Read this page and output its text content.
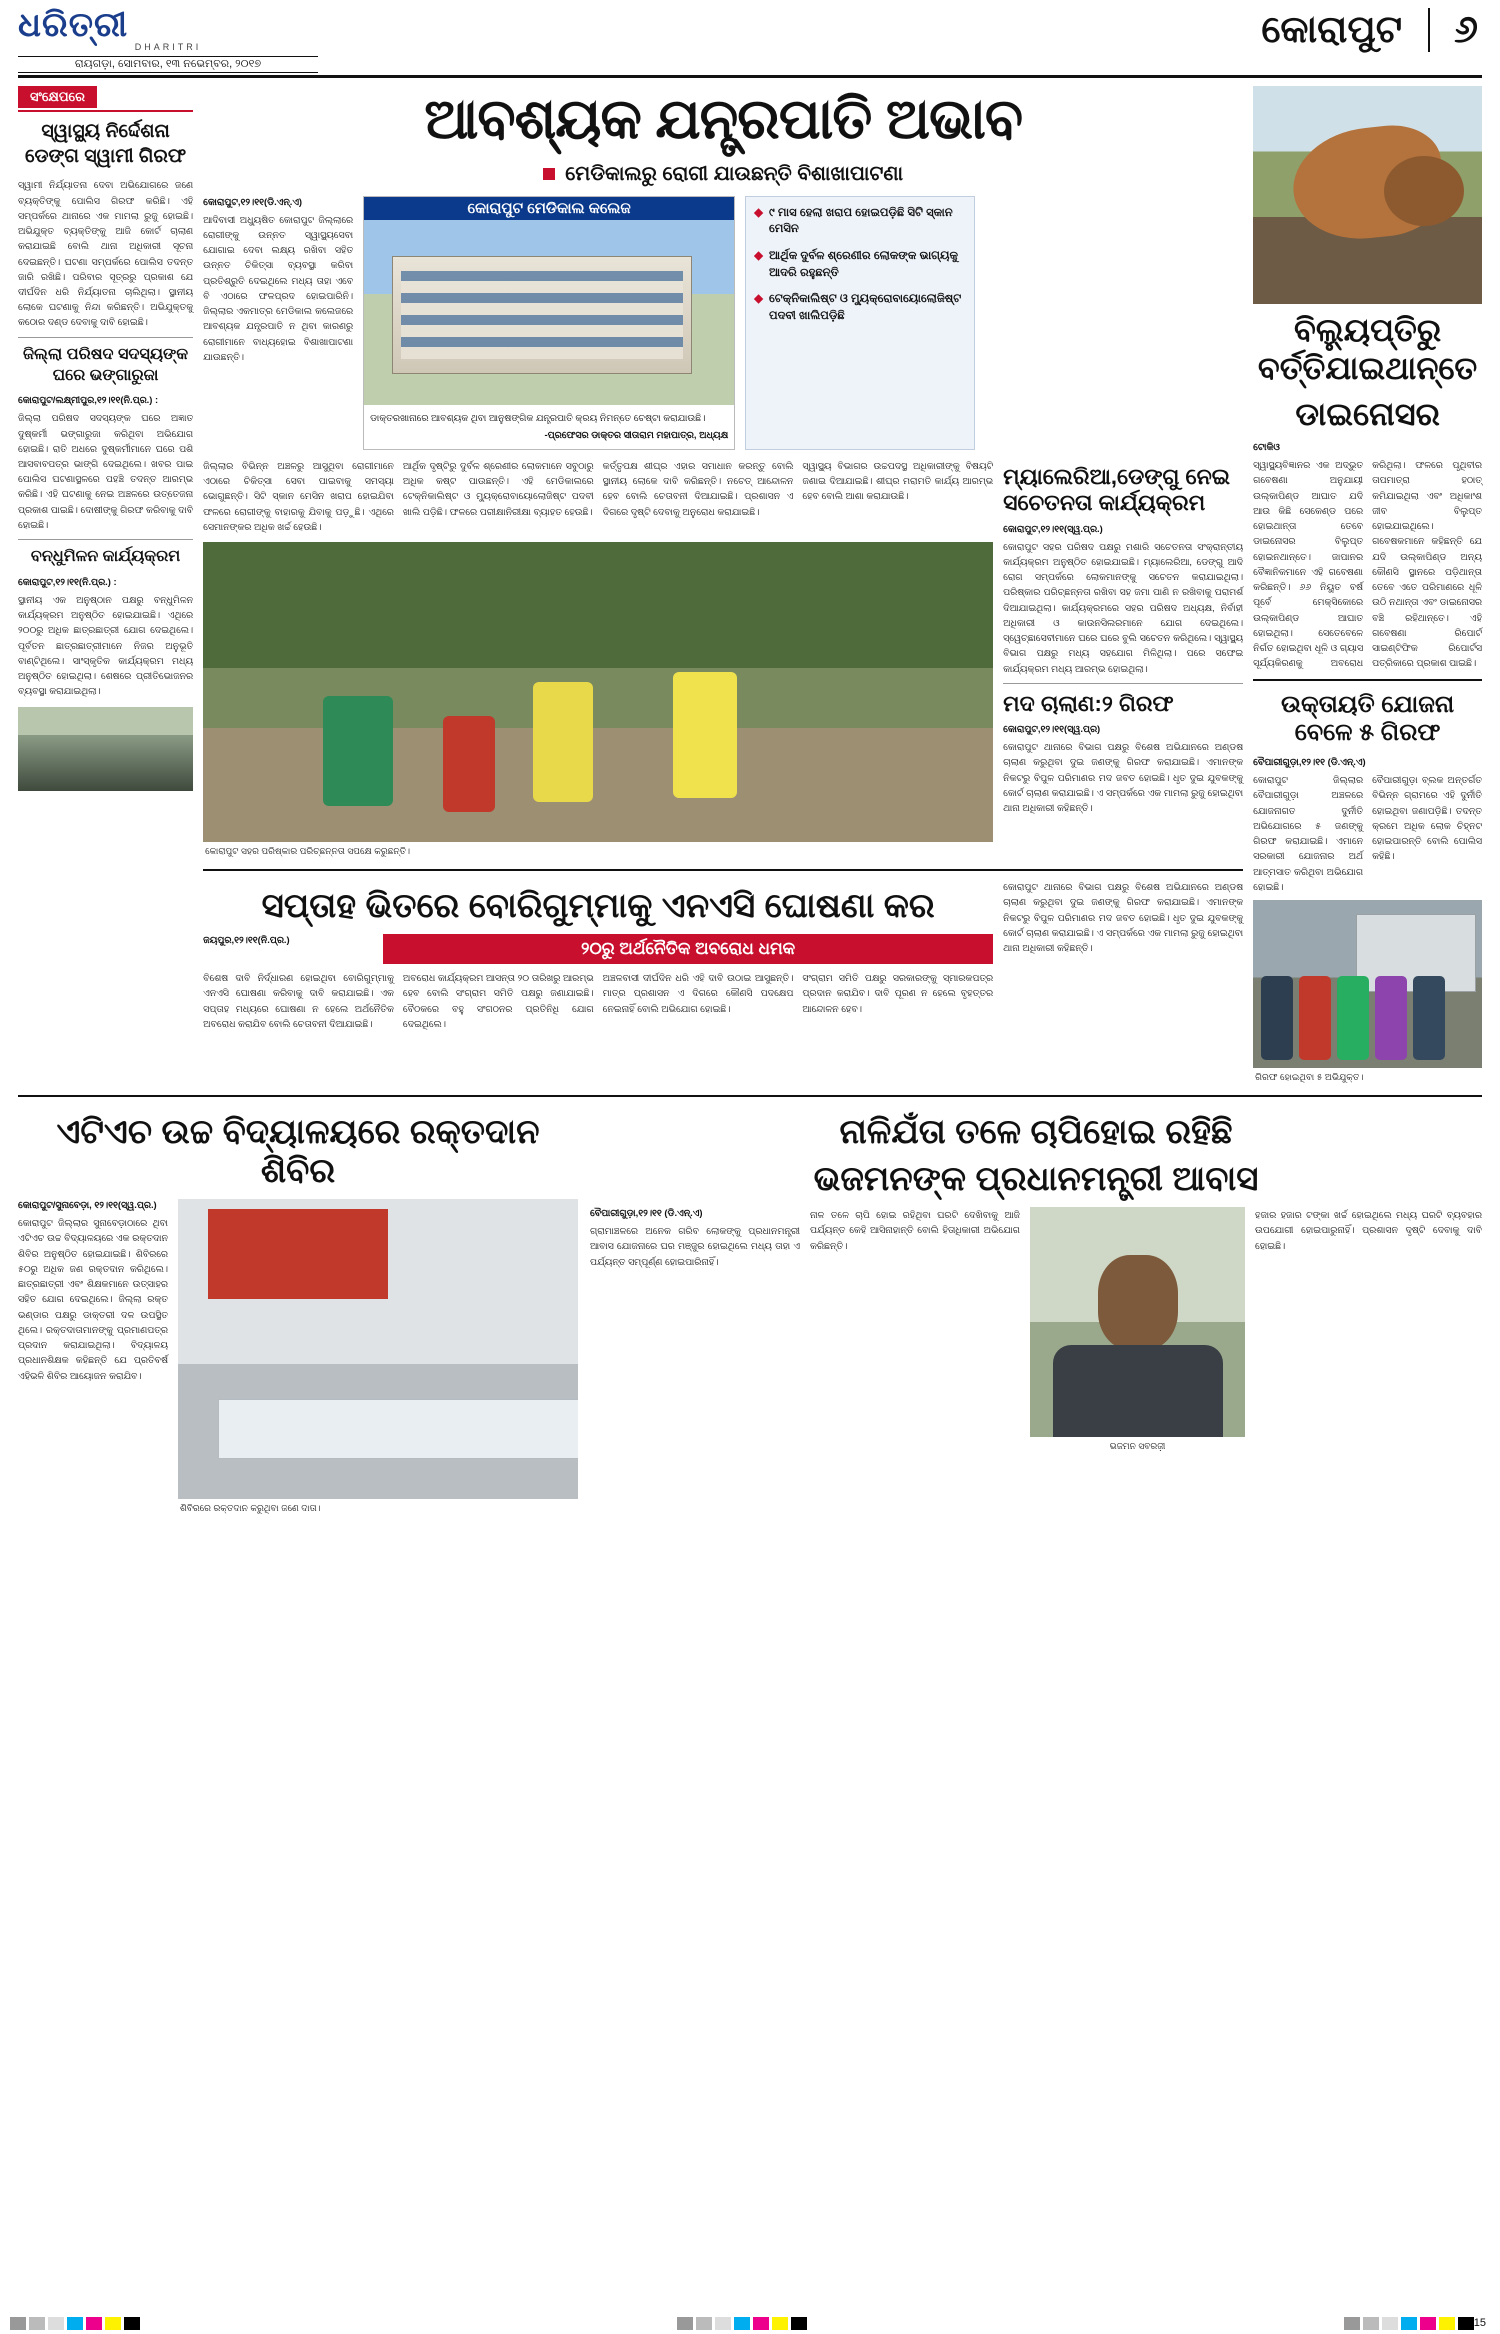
ଧରିତ୍ରୀ
DHARITRI
ରାୟଗଡ଼ା, ସୋମବାର, ୧୩ ନଭେମ୍ବର, ୨୦୧୭
କୋରାପୁଟ	୬
ସଂକ୍ଷେପରେ
ସ୍ୱାସ୍ଥ୍ୟ ନିର୍ଦ୍ଦେଶନା ଡେଙ୍ଗ ସ୍ୱାମୀ ଗିରଫ
ସ୍ୱାମୀ ନିର୍ଯ୍ୟାତନା ଦେବା ଅଭିଯୋଗରେ ଜଣେ ବ୍ୟକ୍ତିଙ୍କୁ ପୋଲିସ ଗିରଫ କରିଛି। ଏହି ସମ୍ପର୍କରେ ଥାନାରେ ଏକ ମାମଲା ରୁଜୁ ହୋଇଛି। ଅଭିଯୁକ୍ତ ବ୍ୟକ୍ତିଙ୍କୁ ଆଜି କୋର୍ଟ ଚାଲାଣ କରାଯାଇଛି ବୋଲି ଥାନା ଅଧିକାରୀ ସୂଚନା ଦେଇଛନ୍ତି। ଘଟଣା ସମ୍ପର୍କରେ ପୋଲିସ ତଦନ୍ତ ଜାରି ରଖିଛି। ପରିବାର ସୂତ୍ରରୁ ପ୍ରକାଶ ଯେ ଦୀର୍ଘଦିନ ଧରି ନିର୍ଯ୍ୟାତନା ଚାଲିଥିଲା। ସ୍ଥାନୀୟ ଲୋକେ ଘଟଣାକୁ ନିନ୍ଦା କରିଛନ୍ତି। ଅଭିଯୁକ୍ତକୁ କଠୋର ଦଣ୍ଡ ଦେବାକୁ ଦାବି ହୋଇଛି।
ଜିଲ୍ଲା ପରିଷଦ ସଦସ୍ୟଙ୍କ ଘରେ ଭଙ୍ଗାରୁଜା
କୋରାପୁଟ/ଲକ୍ଷ୍ମୀପୁର,୧୨।୧୧(ନି.ପ୍ର.) :
ଜିଲ୍ଲା ପରିଷଦ ସଦସ୍ୟଙ୍କ ଘରେ ଅଜ୍ଞାତ ଦୁଷ୍କର୍ମୀ ଭଙ୍ଗାରୁଜା କରିଥିବା ଅଭିଯୋଗ ହୋଇଛି। ରାତି ଅଧରେ ଦୁଷ୍କର୍ମୀମାନେ ଘରେ ପଶି ଆସବାବପତ୍ର ଭାଙ୍ଗି ଦେଇଥିଲେ। ଖବର ପାଇ ପୋଲିସ ଘଟଣାସ୍ଥଳରେ ପହଞ୍ଚି ତଦନ୍ତ ଆରମ୍ଭ କରିଛି। ଏହି ଘଟଣାକୁ ନେଇ ଅଞ୍ଚଳରେ ଉତ୍ତେଜନା ପ୍ରକାଶ ପାଇଛି। ଦୋଷୀଙ୍କୁ ଗିରଫ କରିବାକୁ ଦାବି ହୋଇଛି।
ବନ୍ଧୁମିଳନ କାର୍ଯ୍ୟକ୍ରମ
କୋରାପୁଟ,୧୨।୧୧(ନି.ପ୍ର.) :
ସ୍ଥାନୀୟ ଏକ ଅନୁଷ୍ଠାନ ପକ୍ଷରୁ ବନ୍ଧୁମିଳନ କାର୍ଯ୍ୟକ୍ରମ ଅନୁଷ୍ଠିତ ହୋଇଯାଇଛି। ଏଥିରେ ୨୦୦ରୁ ଅଧିକ ଛାତ୍ରଛାତ୍ରୀ ଯୋଗ ଦେଇଥିଲେ। ପୂର୍ବତନ ଛାତ୍ରଛାତ୍ରୀମାନେ ନିଜର ଅନୁଭୂତି ବାଣ୍ଟିଥିଲେ। ସାଂସ୍କୃତିକ କାର୍ଯ୍ୟକ୍ରମ ମଧ୍ୟ ଅନୁଷ୍ଠିତ ହୋଇଥିଲା। ଶେଷରେ ପ୍ରୀତିଭୋଜନର ବ୍ୟବସ୍ଥା କରାଯାଇଥିଲା।
ଆବଶ୍ୟକ ଯନ୍ତ୍ରପାତି ଅଭାବ
ମେଡିକାଲରୁ ରୋଗୀ ଯାଉଛନ୍ତି ବିଶାଖାପାଟଣା
କୋରାପୁଟ,୧୨।୧୧(ଡି.ଏନ୍.ଏ)
ଆଦିବାସୀ ଅଧ୍ୟୁଷିତ କୋରାପୁଟ ଜିଲ୍ଲାରେ ରୋଗୀଙ୍କୁ ଉନ୍ନତ ସ୍ୱାସ୍ଥ୍ୟସେବା ଯୋଗାଇ ଦେବା ଲକ୍ଷ୍ୟ ରଖିବା ସହିତ ଉନ୍ନତ ଚିକିତ୍ସା ବ୍ୟବସ୍ଥା କରିବା ପ୍ରତିଶ୍ରୁତି ଦେଇଥିଲେ ମଧ୍ୟ ତାହା ଏବେ ବି ଏଠାରେ ଫଳପ୍ରଦ ହୋଇପାରିନି। ଜିଲ୍ଲାର ଏକମାତ୍ର ମେଡିକାଲ କଲେଜରେ ଆବଶ୍ୟକ ଯନ୍ତ୍ରପାତି ନ ଥିବା କାରଣରୁ ରୋଗୀମାନେ ବାଧ୍ୟହୋଇ ବିଶାଖାପାଟଣା ଯାଉଛନ୍ତି।
କୋରାପୁଟ ମେଡିକାଲ କଲେଜ
ଡାକ୍ତରଖାନାରେ ଆବଶ୍ୟକ ଥିବା ଆନୁଷଙ୍ଗିକ ଯନ୍ତ୍ରପାତି କ୍ରୟ ନିମନ୍ତେ ଚେଷ୍ଟା କରାଯାଉଛି।
-ପ୍ରଫେସର ଡାକ୍ତର ସୀତାରାମ ମହାପାତ୍ର, ଅଧ୍ୟକ୍ଷ
◆ ୯ ମାସ ହେଲା ଖରାପ ହୋଇପଡ଼ିଛି ସିଟି ସ୍କାନ ମେସିନ
◆ ଆର୍ଥିକ ଦୁର୍ବଳ ଶ୍ରେଣୀର ଲୋକଙ୍କ ଭାଗ୍ୟକୁ ଆଦରି ରହୁଛନ୍ତି
◆ ଟେକ୍ନିକାଲିଷ୍ଟ ଓ ମ୍ୟୁକ୍ରୋବାୟୋଲୋଜିଷ୍ଟ ପଦବୀ ଖାଲିପଡ଼ିଛି
ଜିଲ୍ଲାର ବିଭିନ୍ନ ଅଞ୍ଚଳରୁ ଆସୁଥିବା ରୋଗୀମାନେ ଏଠାରେ ଚିକିତ୍ସା ସେବା ପାଇବାକୁ ସମସ୍ୟା ଭୋଗୁଛନ୍ତି। ସିଟି ସ୍କାନ ମେସିନ ଖରାପ ହୋଇଯିବା ଫଳରେ ରୋଗୀଙ୍କୁ ବାହାରକୁ ଯିବାକୁ ପଡ଼ୁଛି। ଏଥିରେ ସେମାନଙ୍କର ଅଧିକ ଖର୍ଚ୍ଚ ହେଉଛି।
ଆର୍ଥିକ ଦୃଷ୍ଟିରୁ ଦୁର୍ବଳ ଶ୍ରେଣୀର ଲୋକମାନେ ସବୁଠାରୁ ଅଧିକ କଷ୍ଟ ପାଉଛନ୍ତି। ଏହି ମେଡିକାଲରେ ଟେକ୍ନିକାଲିଷ୍ଟ ଓ ମ୍ୟୁକ୍ରୋବାୟୋଲୋଜିଷ୍ଟ ପଦବୀ ଖାଲି ପଡ଼ିଛି। ଫଳରେ ପରୀକ୍ଷାନିରୀକ୍ଷା ବ୍ୟାହତ ହେଉଛି।
କର୍ତ୍ତୃପକ୍ଷ ଶୀଘ୍ର ଏହାର ସମାଧାନ କରନ୍ତୁ ବୋଲି ସ୍ଥାନୀୟ ଲୋକେ ଦାବି କରିଛନ୍ତି। ନଚେତ୍ ଆନ୍ଦୋଳନ ହେବ ବୋଲି ଚେତାବନୀ ଦିଆଯାଇଛି। ପ୍ରଶାସନ ଏ ଦିଗରେ ଦୃଷ୍ଟି ଦେବାକୁ ଅନୁରୋଧ କରାଯାଇଛି।
ସ୍ୱାସ୍ଥ୍ୟ ବିଭାଗର ଉଚ୍ଚପଦସ୍ଥ ଅଧିକାରୀଙ୍କୁ ବିଷୟଟି ଜଣାଇ ଦିଆଯାଇଛି। ଶୀଘ୍ର ମରାମତି କାର୍ଯ୍ୟ ଆରମ୍ଭ ହେବ ବୋଲି ଆଶା କରାଯାଉଛି।
କୋରାପୁଟ ସହର ପରିଷ୍କାର ପରିଚ୍ଛନ୍ନତା ସପକ୍ଷେ କରୁଛନ୍ତି।
ମ୍ୟାଲେରିଆ,ଡେଙ୍ଗୁ ନେଇ ସଚେତନତା କାର୍ଯ୍ୟକ୍ରମ
କୋରାପୁଟ,୧୨।୧୧(ସ୍ୱ.ପ୍ର.)
କୋରାପୁଟ ସହର ପରିଷଦ ପକ୍ଷରୁ ମଶାରି ସଚେତନତା ସଂକ୍ରାନ୍ତୀୟ କାର୍ଯ୍ୟକ୍ରମ ଅନୁଷ୍ଠିତ ହୋଇଯାଇଛି। ମ୍ୟାଲେରିଆ, ଡେଙ୍ଗୁ ଆଦି ରୋଗ ସମ୍ପର୍କରେ ଲୋକମାନଙ୍କୁ ସଚେତନ କରାଯାଇଥିଲା। ପରିଷ୍କାର ପରିଚ୍ଛନ୍ନତା ରଖିବା ସହ ଜମା ପାଣି ନ ରଖିବାକୁ ପରାମର୍ଶ ଦିଆଯାଇଥିଲା। କାର୍ଯ୍ୟକ୍ରମରେ ସହର ପରିଷଦ ଅଧ୍ୟକ୍ଷ, ନିର୍ବାହୀ ଅଧିକାରୀ ଓ କାଉନସିଲରମାନେ ଯୋଗ ଦେଇଥିଲେ। ସ୍ୱେଚ୍ଛାସେବୀମାନେ ଘରେ ଘରେ ବୁଲି ସଚେତନ କରିଥିଲେ। ସ୍ୱାସ୍ଥ୍ୟ ବିଭାଗ ପକ୍ଷରୁ ମଧ୍ୟ ସହଯୋଗ ମିଳିଥିଲା। ପରେ ସଫେଇ କାର୍ଯ୍ୟକ୍ରମ ମଧ୍ୟ ଆରମ୍ଭ ହୋଇଥିଲା।
ମଦ ଚାଲାଣ:୨ ଗିରଫ
କୋରାପୁଟ,୧୨।୧୧(ସ୍ୱ.ପ୍ର)
କୋରାପୁଟ ଥାନାରେ ବିଭାଗ ପକ୍ଷରୁ ବିଶେଷ ଅଭିଯାନରେ ଅଣ୍ଡଷ ଚାଲାଣ କରୁଥିବା ଦୁଇ ଜଣଙ୍କୁ ଗିରଫ କରାଯାଇଛି। ଏମାନଙ୍କ ନିକଟରୁ ବିପୁଳ ପରିମାଣର ମଦ ଜବତ ହୋଇଛି। ଧୃତ ଦୁଇ ଯୁବକଙ୍କୁ କୋର୍ଟ ଚାଲାଣ କରାଯାଇଛି। ଏ ସମ୍ପର୍କରେ ଏକ ମାମଲା ରୁଜୁ ହୋଇଥିବା ଥାନା ଅଧିକାରୀ କହିଛନ୍ତି।
ସପ୍ତାହ ଭିତରେ ବୋରିଗୁମ୍ମାକୁ ଏନଏସି ଘୋଷଣା କର
ଜୟପୁର,୧୨।୧୧(ନି.ପ୍ର.)	୨୦ରୁ ଅର୍ଥନୈତିକ ଅବରୋଧ ଧମକ
ବିଶେଷ ଦାବି ନିର୍ଦ୍ଧାରଣ ହୋଇଥିବା ବୋରିଗୁମ୍ମାକୁ ଏନଏସି ଘୋଷଣା କରିବାକୁ ଦାବି କରାଯାଇଛି। ଏକ ସପ୍ତାହ ମଧ୍ୟରେ ଘୋଷଣା ନ ହେଲେ ଅର୍ଥନୈତିକ ଅବରୋଧ କରାଯିବ ବୋଲି ଚେତାବନୀ ଦିଆଯାଇଛି।
ଅବରୋଧ କାର୍ଯ୍ୟକ୍ରମ ଆସନ୍ତା ୨୦ ତାରିଖରୁ ଆରମ୍ଭ ହେବ ବୋଲି ସଂଗ୍ରାମ ସମିତି ପକ୍ଷରୁ ଜଣାଯାଇଛି। ବୈଠକରେ ବହୁ ସଂଗଠନର ପ୍ରତିନିଧି ଯୋଗ ଦେଇଥିଲେ।
ଅଞ୍ଚଳବାସୀ ଦୀର୍ଘଦିନ ଧରି ଏହି ଦାବି ଉଠାଇ ଆସୁଛନ୍ତି। ମାତ୍ର ପ୍ରଶାସନ ଏ ଦିଗରେ କୌଣସି ପଦକ୍ଷେପ ନେଇନାହିଁ ବୋଲି ଅଭିଯୋଗ ହୋଇଛି।
ସଂଗ୍ରାମ ସମିତି ପକ୍ଷରୁ ସରକାରଙ୍କୁ ସ୍ମାରକପତ୍ର ପ୍ରଦାନ କରାଯିବ। ଦାବି ପୂରଣ ନ ହେଲେ ବୃହତ୍ତର ଆନ୍ଦୋଳନ ହେବ।
କୋରାପୁଟ ଥାନାରେ ବିଭାଗ ପକ୍ଷରୁ ବିଶେଷ ଅଭିଯାନରେ ଅଣ୍ଡଷ ଚାଲାଣ କରୁଥିବା ଦୁଇ ଜଣଙ୍କୁ ଗିରଫ କରାଯାଇଛି। ଏମାନଙ୍କ ନିକଟରୁ ବିପୁଳ ପରିମାଣର ମଦ ଜବତ ହୋଇଛି। ଧୃତ ଦୁଇ ଯୁବକଙ୍କୁ କୋର୍ଟ ଚାଲାଣ କରାଯାଇଛି। ଏ ସମ୍ପର୍କରେ ଏକ ମାମଲା ରୁଜୁ ହୋଇଥିବା ଥାନା ଅଧିକାରୀ କହିଛନ୍ତି।
ବିଲ୍ୟୁପ୍ତିରୁ ବର୍ତ୍ତିଯାଇଥାନ୍ତେ
ଡାଇନୋସର
ଟୋକିଓ
ସ୍ୱାସ୍ଥ୍ୟବିଜ୍ଞାନର ଏକ ଅଦ୍ଭୁତ ଗବେଷଣା ଅନୁଯାୟୀ ଉଲ୍କାପିଣ୍ଡ ଆଘାତ ଯଦି ଆଉ କିଛି ସେକେଣ୍ଡ ପରେ ହୋଇଥାନ୍ତା ତେବେ ଡାଇନୋସର ବିଲୁପ୍ତ ହୋଇନଥାନ୍ତେ। ଜାପାନର ବୈଜ୍ଞାନିକମାନେ ଏହି ଗବେଷଣା କରିଛନ୍ତି। ୬୬ ନିୟୁତ ବର୍ଷ ପୂର୍ବେ ମେକ୍ସିକୋରେ ଉଲ୍କାପିଣ୍ଡ ଆଘାତ ହୋଇଥିଲା। ସେତେବେଳେ ନିର୍ଗତ ହୋଇଥିବା ଧୂଳି ଓ ଗ୍ୟାସ ସୂର୍ଯ୍ୟକିରଣକୁ ଅବରୋଧ କରିଥିଲା। ଫଳରେ ପୃଥିବୀର ତାପମାତ୍ରା ହଠାତ୍ କମିଯାଇଥିଲା ଏବଂ ଅଧିକାଂଶ ଜୀବ ବିଲୁପ୍ତ ହୋଇଯାଇଥିଲେ। ଗବେଷକମାନେ କହିଛନ୍ତି ଯେ ଯଦି ଉଲ୍କାପିଣ୍ଡ ଅନ୍ୟ କୌଣସି ସ୍ଥାନରେ ପଡ଼ିଥାନ୍ତା ତେବେ ଏତେ ପରିମାଣରେ ଧୂଳି ଉଠି ନଥାନ୍ତା ଏବଂ ଡାଇନୋସର ବଞ୍ଚି ରହିଥାନ୍ତେ। ଏହି ଗବେଷଣା ରିପୋର୍ଟ ସାଇଣ୍ଟିଫିକ ରିପୋର୍ଟସ ପତ୍ରିକାରେ ପ୍ରକାଶ ପାଇଛି।
ଉକ୍ତାୟତି ଯୋଜନା ବେଳେ ୫ ଗିରଫ
ବୈପାରୀଗୁଡ଼ା,୧୨।୧୧ (ଡି.ଏନ୍.ଏ)
କୋରାପୁଟ ଜିଲ୍ଲାର ବୈପାରୀଗୁଡ଼ା ଅଞ୍ଚଳରେ ଯୋଜନାଗତ ଦୁର୍ନୀତି ଅଭିଯୋଗରେ ୫ ଜଣଙ୍କୁ ଗିରଫ କରାଯାଇଛି। ଏମାନେ ସରକାରୀ ଯୋଜନାର ଅର୍ଥ ଆତ୍ମସାତ କରିଥିବା ଅଭିଯୋଗ ହୋଇଛି।
ବୈପାରୀଗୁଡ଼ା ବ୍ଲକ ଅନ୍ତର୍ଗତ ବିଭିନ୍ନ ଗ୍ରାମରେ ଏହି ଦୁର୍ନୀତି ହୋଇଥିବା ଜଣାପଡ଼ିଛି। ତଦନ୍ତ କ୍ରମେ ଅଧିକ ଲୋକ ଚିହ୍ନଟ ହୋଇପାରନ୍ତି ବୋଲି ପୋଲିସ କହିଛି।
ଗିରଫ ହୋଇଥିବା ୫ ଅଭିଯୁକ୍ତ।
ଏଟିଏଚ ଉଚ୍ଚ ବିଦ୍ୟାଳୟରେ ରକ୍ତଦାନ ଶିବିର
କୋରାପୁଟ/ସୁନାବେଡ଼ା, ୧୨।୧୧(ସ୍ୱ.ପ୍ର.)
କୋରାପୁଟ ଜିଲ୍ଲାର ସୁନାବେଡ଼ାଠାରେ ଥିବା ଏଟିଏଚ ଉଚ୍ଚ ବିଦ୍ୟାଳୟରେ ଏକ ରକ୍ତଦାନ ଶିବିର ଅନୁଷ୍ଠିତ ହୋଇଯାଇଛି। ଶିବିରରେ ୫୦ରୁ ଅଧିକ ଜଣ ରକ୍ତଦାନ କରିଥିଲେ। ଛାତ୍ରଛାତ୍ରୀ ଏବଂ ଶିକ୍ଷକମାନେ ଉତ୍ସାହର ସହିତ ଯୋଗ ଦେଇଥିଲେ। ଜିଲ୍ଲା ରକ୍ତ ଭଣ୍ଡାର ପକ୍ଷରୁ ଡାକ୍ତରୀ ଦଳ ଉପସ୍ଥିତ ଥିଲେ। ରକ୍ତଦାତାମାନଙ୍କୁ ପ୍ରମାଣପତ୍ର ପ୍ରଦାନ କରାଯାଇଥିଲା। ବିଦ୍ୟାଳୟ ପ୍ରଧାନଶିକ୍ଷକ କହିଛନ୍ତି ଯେ ପ୍ରତିବର୍ଷ ଏହିଭଳି ଶିବିର ଆୟୋଜନ କରାଯିବ।
ଶିବିରରେ ରକ୍ତଦାନ କରୁଥିବା ଜଣେ ଦାତା।
ନାଳିଯଁତା ତଳେ ଚାପିହୋଇ ରହିଛି
ଭଜମନଙ୍କ ପ୍ରଧାନମନ୍ତ୍ରୀ ଆବାସ
ବୈପାରୀଗୁଡ଼ା,୧୨।୧୧ (ଡି.ଏନ୍.ଏ)
ଗ୍ରାମାଞ୍ଚଳରେ ଅନେକ ଗରିବ ଲୋକଙ୍କୁ ପ୍ରଧାନମନ୍ତ୍ରୀ ଆବାସ ଯୋଜନାରେ ଘର ମଞ୍ଜୁର ହୋଇଥିଲେ ମଧ୍ୟ ତାହା ଏ ପର୍ଯ୍ୟନ୍ତ ସମ୍ପୂର୍ଣ୍ଣ ହୋଇପାରିନାହିଁ।
ନାଳ ତଳେ ଚାପି ହୋଇ ରହିଥିବା ଘରଟି ଦେଖିବାକୁ ଆଜି ପର୍ଯ୍ୟନ୍ତ କେହି ଆସିନାହାନ୍ତି ବୋଲି ହିତାଧିକାରୀ ଅଭିଯୋଗ କରିଛନ୍ତି।
ଭଜମନ ସବରଜ଼ୀ
ହଜାର ହଜାର ଟଙ୍କା ଖର୍ଚ୍ଚ ହୋଇଥିଲେ ମଧ୍ୟ ଘରଟି ବ୍ୟବହାର ଉପଯୋଗୀ ହୋଇପାରୁନାହିଁ। ପ୍ରଶାସନ ଦୃଷ୍ଟି ଦେବାକୁ ଦାବି ହୋଇଛି।
15
